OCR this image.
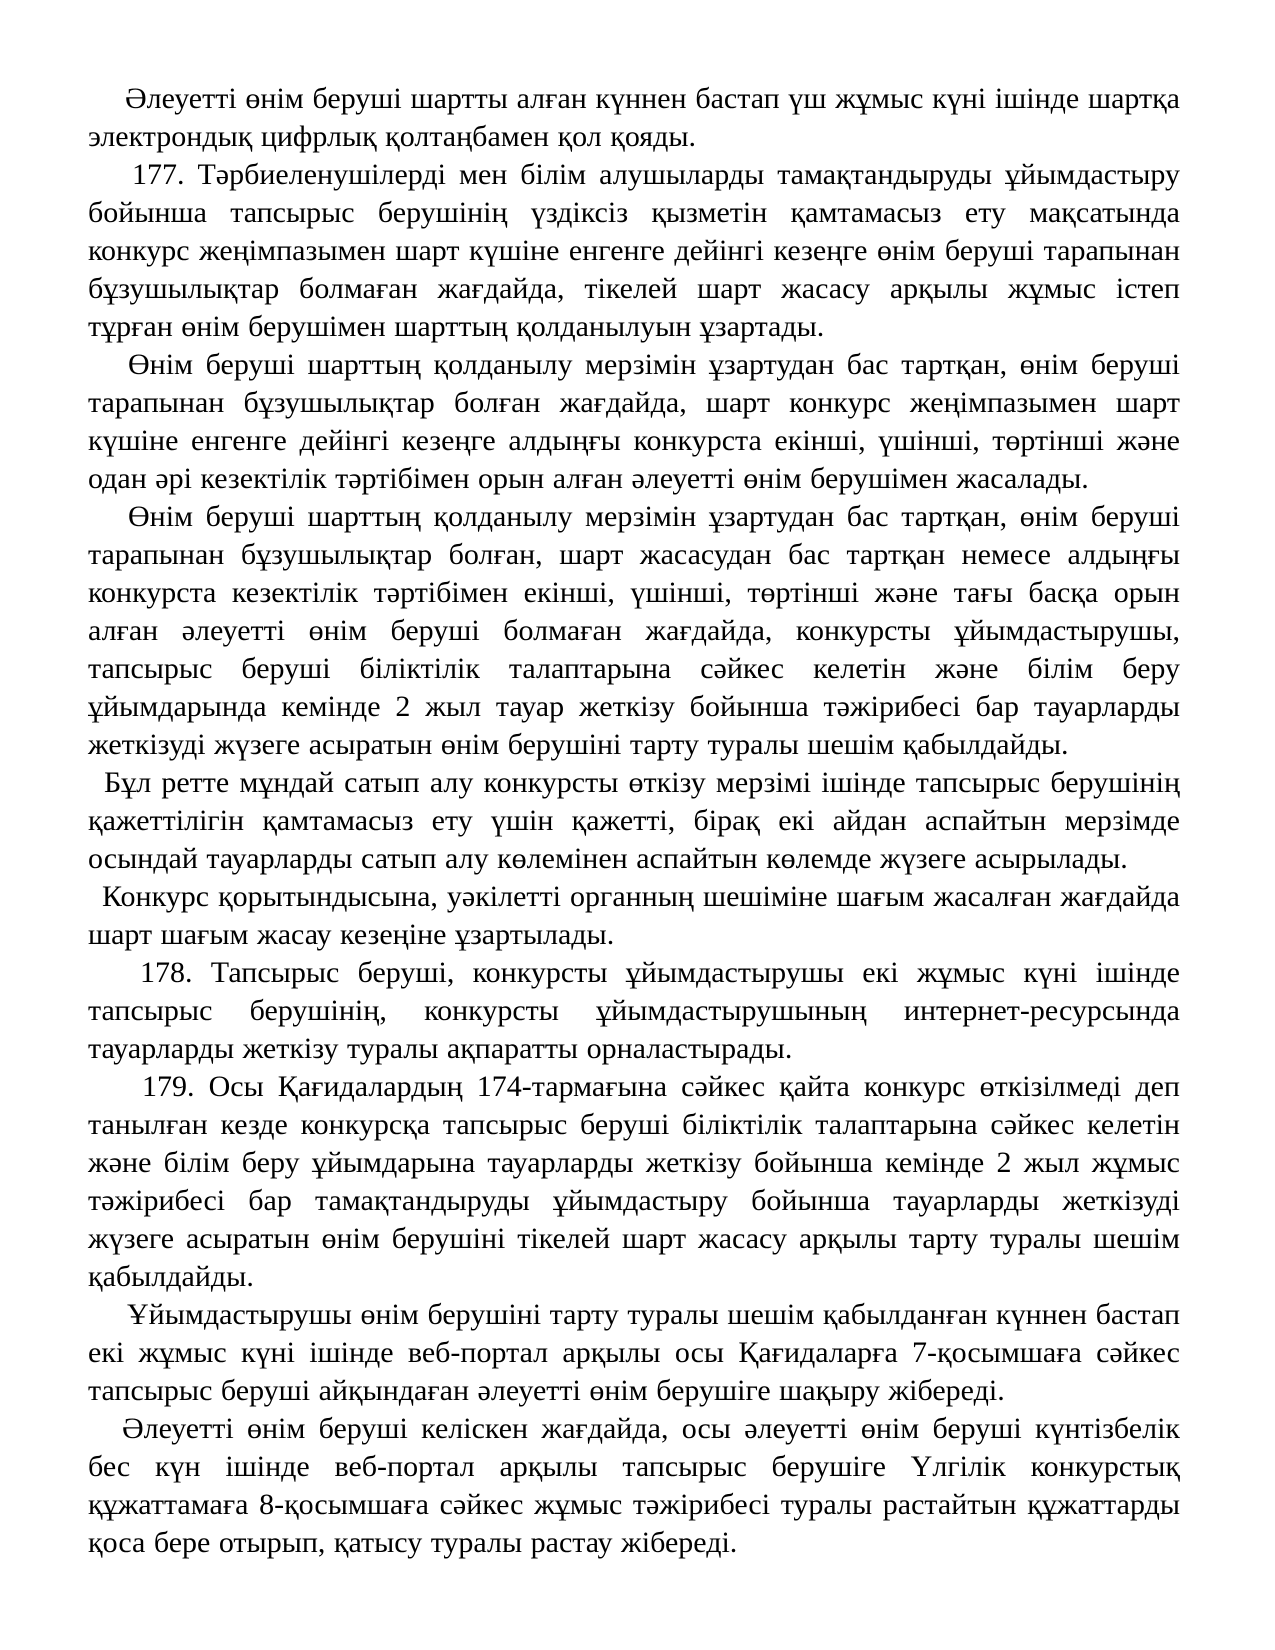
Әлеуетті өнім беруші шартты алған күннен бастап үш жұмыс күні ішінде шартқа электрондық цифрлық қолтаңбамен қол қояды.

177. Тәрбиеленушілерді мен білім алушыларды тамақтандыруды ұйымдастыру бойынша тапсырыс берушінің үздіксіз қызметін қамтамасыз ету мақсатында конкурс жеңімпазымен шарт күшіне енгенге дейінгі кезеңге өнім беруші тарапынан бұзушылықтар болмаған жағдайда, тікелей шарт жасасу арқылы жұмыс істеп тұрған өнім берушімен шарттың қолданылуын ұзартады.

Өнім беруші шарттың қолданылу мерзімін ұзартудан бас тартқан, өнім беруші тарапынан бұзушылықтар болған жағдайда, шарт конкурс жеңімпазымен шарт күшіне енгенге дейінгі кезеңге алдыңғы конкурста екінші, үшінші, төртінші және одан әрі кезектілік тәртібімен орын алған әлеуетті өнім берушімен жасалады.

Өнім беруші шарттың қолданылу мерзімін ұзартудан бас тартқан, өнім беруші тарапынан бұзушылықтар болған, шарт жасасудан бас тартқан немесе алдыңғы конкурста кезектілік тәртібімен екінші, үшінші, төртінші және тағы басқа орын алған әлеуетті өнім беруші болмаған жағдайда, конкурсты ұйымдастырушы, тапсырыс беруші біліктілік талаптарына сәйкес келетін және білім беру ұйымдарында кемінде 2 жыл тауар жеткізу бойынша тәжірибесі бар тауарларды жеткізуді жүзеге асыратын өнім берушіні тарту туралы шешім қабылдайды.

Бұл ретте мұндай сатып алу конкурсты өткізу мерзімі ішінде тапсырыс берушінің қажеттілігін қамтамасыз ету үшін қажетті, бірақ екі айдан аспайтын мерзімде осындай тауарларды сатып алу көлемінен аспайтын көлемде жүзеге асырылады.

Конкурс қорытындысына, уәкілетті органның шешіміне шағым жасалған жағдайда шарт шағым жасау кезеңіне ұзартылады.

178. Тапсырыс беруші, конкурсты ұйымдастырушы екі жұмыс күні ішінде тапсырыс берушінің, конкурсты ұйымдастырушының интернет-ресурсында тауарларды жеткізу туралы ақпаратты орналастырады.

179. Осы Қағидалардың 174-тармағына сәйкес қайта конкурс өткізілмеді деп танылған кезде конкурсқа тапсырыс беруші біліктілік талаптарына сәйкес келетін және білім беру ұйымдарына тауарларды жеткізу бойынша кемінде 2 жыл жұмыс тәжірибесі бар тамақтандыруды ұйымдастыру бойынша тауарларды жеткізуді жүзеге асыратын өнім берушіні тікелей шарт жасасу арқылы тарту туралы шешім қабылдайды.

Ұйымдастырушы өнім берушіні тарту туралы шешім қабылданған күннен бастап екі жұмыс күні ішінде веб-портал арқылы осы Қағидаларға 7-қосымшаға сәйкес тапсырыс беруші айқындаған әлеуетті өнім берушіге шақыру жібереді.

Әлеуетті өнім беруші келіскен жағдайда, осы әлеуетті өнім беруші күнтізбелік бес күн ішінде веб-портал арқылы тапсырыс берушіге Үлгілік конкурстық құжаттамаға 8-қосымшаға сәйкес жұмыс тәжірибесі туралы растайтын құжаттарды қоса бере отырып, қатысу туралы растау жібереді.
